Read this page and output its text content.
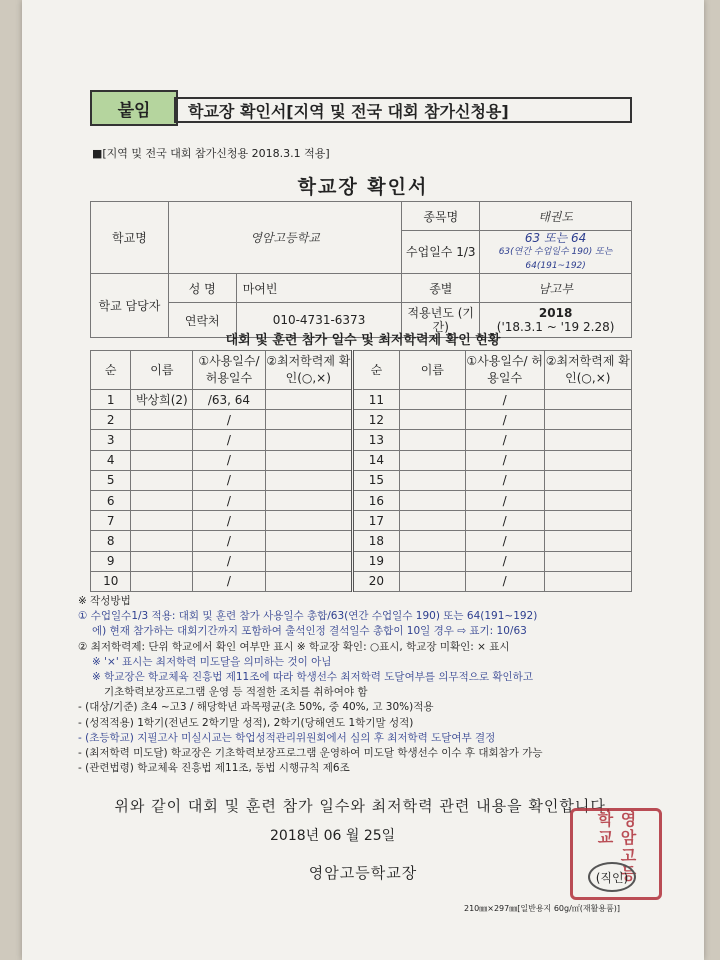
붙임	학교장 확인서[지역 및 전국 대회 참가신청용]
■[지역 및 전국 대회 참가신청용 2018.3.1 적용]
학교장 확인서
학교명	영암고등학교		종목명	태권도
			수업일수 1/3	63 또는 64
63(연간 수업일수 190) 또는 64(191~192)

학교 담당자	성 명	마여빈	종별	남고부
	연락처	010-4731-6373	적용년도 (기간)	2018
('18.3.1 ~ '19 2.28)
대회 및 훈련 참가 일수 및 최저학력제 확인 현황
순	이름	①사용일수/ 허용일수	②최저학력제 확인(○,×)	순	이름	①사용일수/ 허용일수	②최저학력제 확인(○,×)
1	박상희(2)	/63, 64		11		/	
2		/		12		/	
3		/		13		/	
4		/		14		/	
5		/		15		/	
6		/		16		/	
7		/		17		/	
8		/		18		/	
9		/		19		/	
10		/		20		/	
※ 작성방법
① 수업일수1/3 적용: 대회 및 훈련 참가 사용일수 총합/63(연간 수업일수 190) 또는 64(191~192)
에) 현재 참가하는 대회기간까지 포함하여 출석인정 결석일수 총합이 10일 경우 ⇨ 표기: 10/63
② 최저학력제: 단위 학교에서 확인 여부만 표시 ※ 학교장 확인: ○표시, 학교장 미확인: × 표시
※ '×' 표시는 최저학력 미도달을 의미하는 것이 아님
※ 학교장은 학교체육 진흥법 제11조에 따라 학생선수 최저학력 도달여부를 의무적으로 확인하고
기초학력보장프로그램 운영 등 적절한 조치를 취하여야 함
- (대상/기준) 초4 ~고3 / 해당학년 과목평균(초 50%, 중 40%, 고 30%)적용
- (성적적용) 1학기(전년도 2학기말 성적), 2학기(당해연도 1학기말 성적)
- (초등학교) 지필고사 미실시교는 학업성적관리위원회에서 심의 후 최저학력 도달여부 결정
- (최저학력 미도달) 학교장은 기초학력보장프로그램 운영하여 미도달 학생선수 이수 후 대회참가 가능
- (관련법령) 학교체육 진흥법 제11조, 동법 시행규칙 제6조
위와 같이 대회 및 훈련 참가 일수와 최저학력 관련 내용을 확인합니다.
2018년 06 월 25일
영암고등학교장	영암고등학교
(직인)
210㎜×297㎜[일반용지 60g/㎡(재활용품)]
